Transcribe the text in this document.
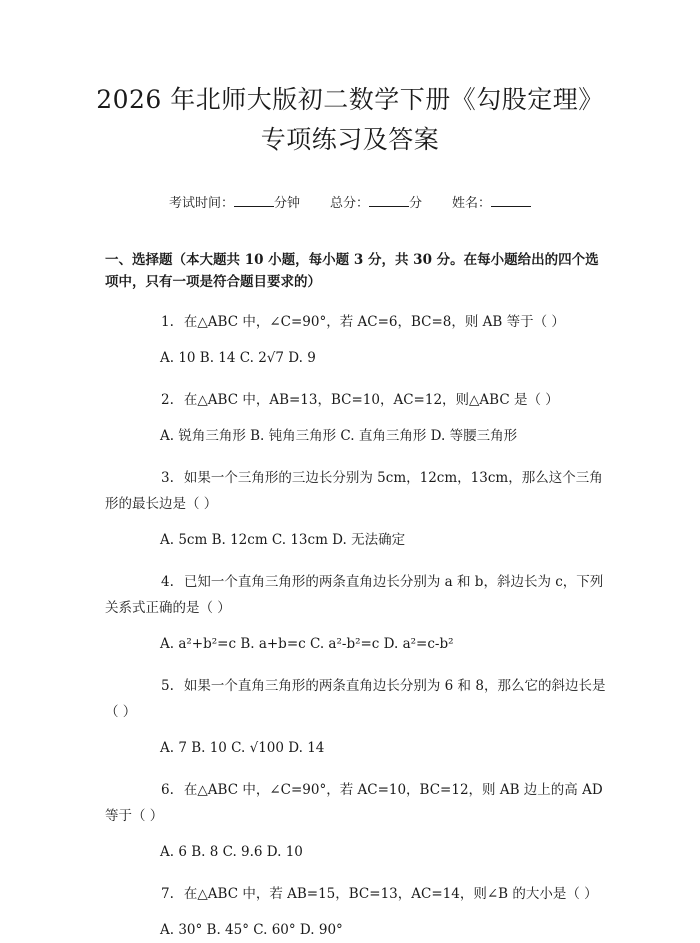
2026 年北师大版初二数学下册《勾股定理》
专项练习及答案
考试时间：	分钟 总分：	分 姓名：
一、选择题（本大题共 10 小题，每小题 3 分，共 30 分。在每小题给出的四个选项中，只有一项是符合题目要求的）
1. 在△ABC 中，∠C=90°，若 AC=6，BC=8，则 AB 等于（ ）
A. 10 B. 14 C. 2√7 D. 9
2. 在△ABC 中，AB=13，BC=10，AC=12，则△ABC 是（ ）
A. 锐角三角形 B. 钝角三角形 C. 直角三角形 D. 等腰三角形
3. 如果一个三角形的三边长分别为 5cm，12cm，13cm，那么这个三角形的最长边是（ ）
A. 5cm B. 12cm C. 13cm D. 无法确定
4. 已知一个直角三角形的两条直角边长分别为 a 和 b，斜边长为 c，下列关系式正确的是（ ）
A. a²+b²=c B. a+b=c C. a²-b²=c D. a²=c-b²
5. 如果一个直角三角形的两条直角边长分别为 6 和 8，那么它的斜边长是（ ）
A. 7 B. 10 C. √100 D. 14
6. 在△ABC 中，∠C=90°，若 AC=10，BC=12，则 AB 边上的高 AD 等于（ ）
A. 6 B. 8 C. 9.6 D. 10
7. 在△ABC 中，若 AB=15，BC=13，AC=14，则∠B 的大小是（ ）
A. 30° B. 45° C. 60° D. 90°
